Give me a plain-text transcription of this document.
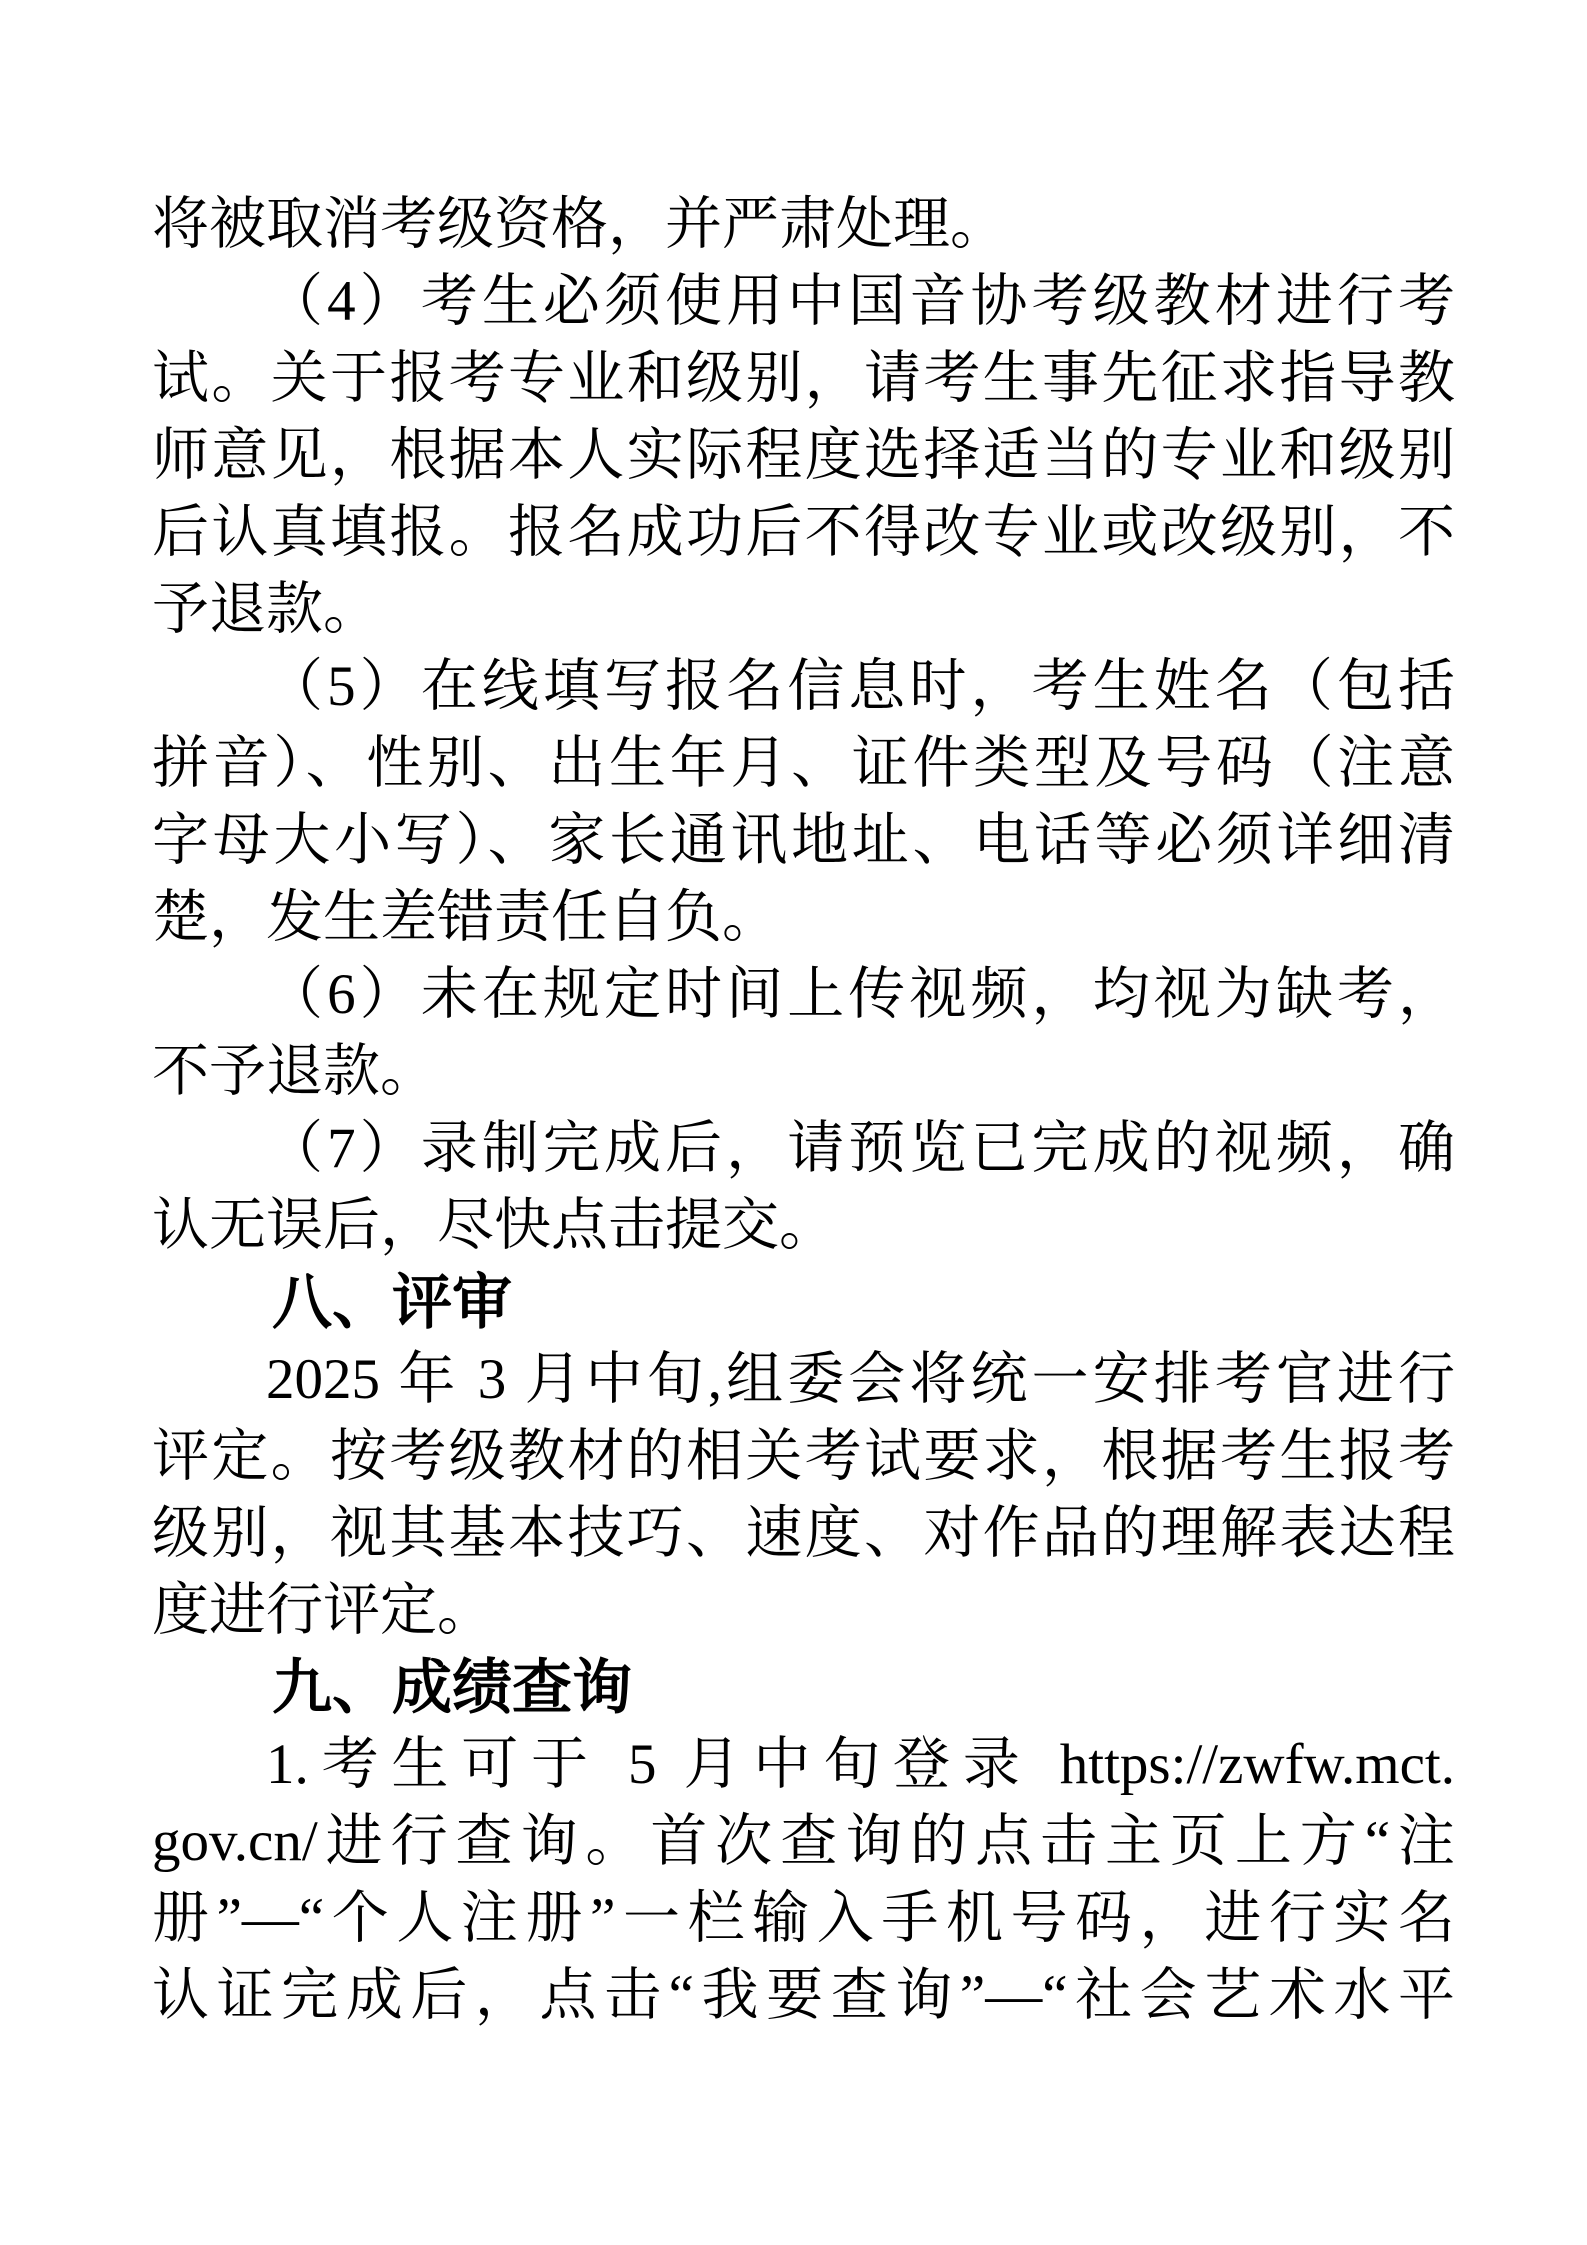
将被取消考级资格，并严肃处理。
（4）考生必须使用中国音协考级教材进行考
试。关于报考专业和级别，请考生事先征求指导教
师意见，根据本人实际程度选择适当的专业和级别
后认真填报。报名成功后不得改专业或改级别，不
予退款。
（5）在线填写报名信息时，考生姓名（包括
拼音）、性别、出生年月、证件类型及号码（注意
字母大小写）、家长通讯地址、电话等必须详细清
楚，发生差错责任自负。
（6）未在规定时间上传视频，均视为缺考，
不予退款。
（7）录制完成后，请预览已完成的视频，确
认无误后，尽快点击提交。
八、评审
2025 年 3 月中旬,组委会将统一安排考官进行
评定。按考级教材的相关考试要求，根据考生报考
级别，视其基本技巧、速度、对作品的理解表达程
度进行评定。
九、成绩查询
1.考生可于 5 月中旬登录 https://zwfw.mct.
gov.cn/进行查询。首次查询的点击主页上方“注
册”—“个人注册”一栏输入手机号码，进行实名
认证完成后，点击“我要查询”—“社会艺术水平
